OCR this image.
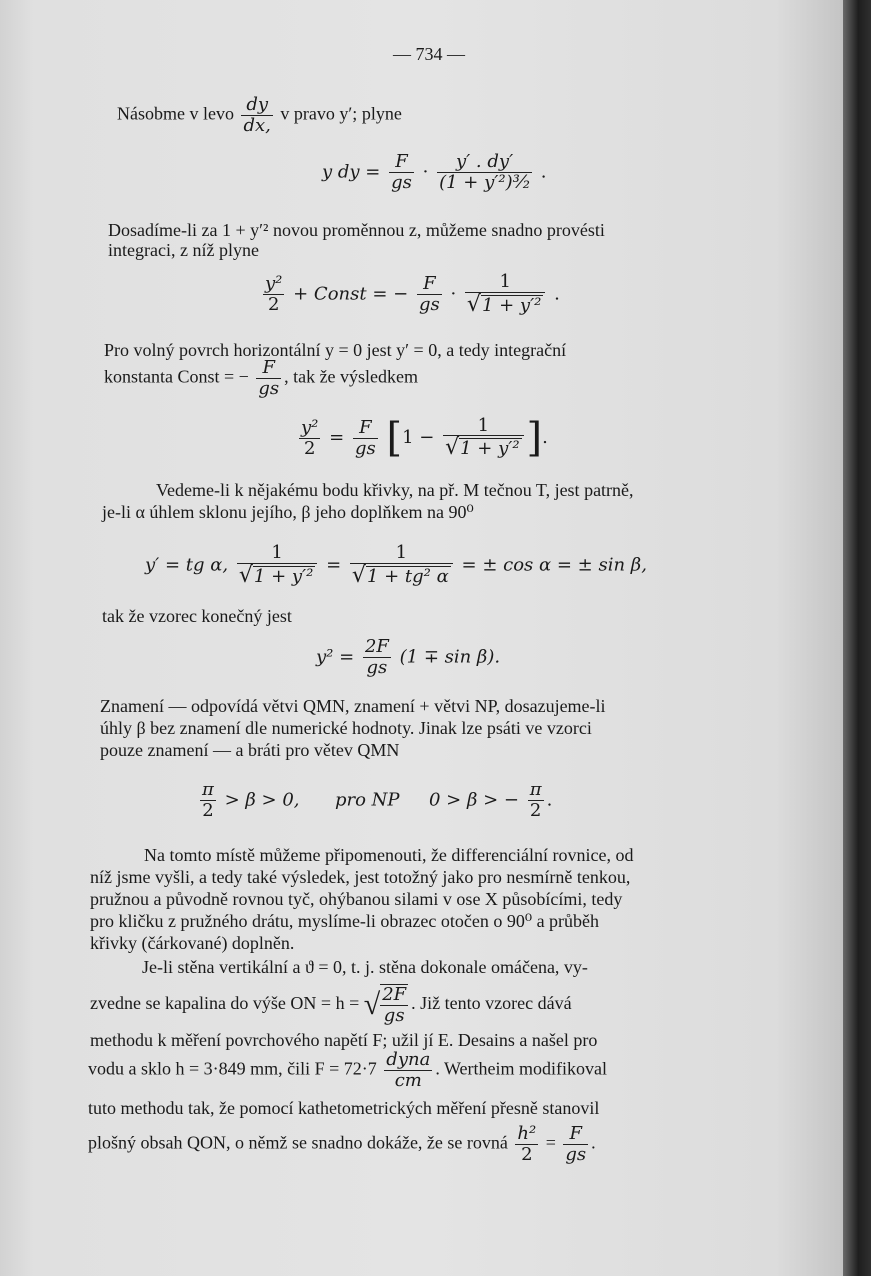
— 734 —
Násobme v levo $\frac{dy}{dx,}$ v pravo y′; plyne
y dy = $\frac{F}{gs} \cdot \frac{y' . dy'}{\text{(1 + y′²)³⁄₂}}$ .
Dosadíme-li za 1 + y′² novou proměnnou z, můžeme snadno provésti
integraci, z níž plyne
$\frac{\text{y²}}{2}$ + Const = − $\frac{F}{gs} \cdot \frac{1}{\text{√1 + y′²}}$ .
Pro volný povrch horizontální y = 0 jest y′ = 0, a tedy integrační
konstanta Const = − $\frac{F}{gs}$ , tak že výsledkem
$\frac{\text{y²}}{2} = \frac{F}{gs} [1 - \frac{1}{\text{√1 + y′²}}$ ].
Vedeme-li k nějakému bodu křivky, na př. M tečnou T, jest patrně,
je-li α úhlem sklonu jejího, β jeho doplňkem na 90⁰
y′ = tg α, $\frac{1}{\text{√1 + y′²}} = \frac{1}{\text{√1 + tg² α}}$ = ± cos α = ± sin β,
tak že vzorec konečný jest
$y^2 = \frac{2F}{gs} (1 \mp \sin \beta)$.
Znamení — odpovídá větvi QMN, znamení + větvi NP, dosazujeme-li
úhly β bez znamení dle numerické hodnoty. Jinak lze psáti ve vzorci
pouze znamení — a bráti pro větev QMN
$\frac{\pi}{2} > \beta > 0$, pro NP 0 > β > − $\frac{\pi}{2}$ .
Na tomto místě můžeme připomenouti, že differenciální rovnice, od
níž jsme vyšli, a tedy také výsledek, jest totožný jako pro nesmírně tenkou,
pružnou a původně rovnou tyč, ohýbanou silami v ose X působícími, tedy
pro kličku z pružného drátu, myslíme-li obrazec otočen o 90⁰ a průběh
křivky (čárkované) doplněn.
Je-li stěna vertikální a ϑ = 0, t. j. stěna dokonale omáčena, vy-
zvedne se kapalina do výše ON = h = √ $\frac{2F}{gs}$ . Již tento vzorec dává
methodu k měření povrchového napětí F; užil jí E. Desains a našel pro
vodu a sklo h = 3·849 mm, čili $F = 72\cdot 7 \frac{\text{dyna}}{cm}$ . Wertheim modifikoval
tuto methodu tak, že pomocí kathetometrických měření přesně stanovil
plošný obsah QON, o němž se snadno dokáže, že se rovná $\frac{\text{h²}}{2} = \frac{F}{gs}$ .
